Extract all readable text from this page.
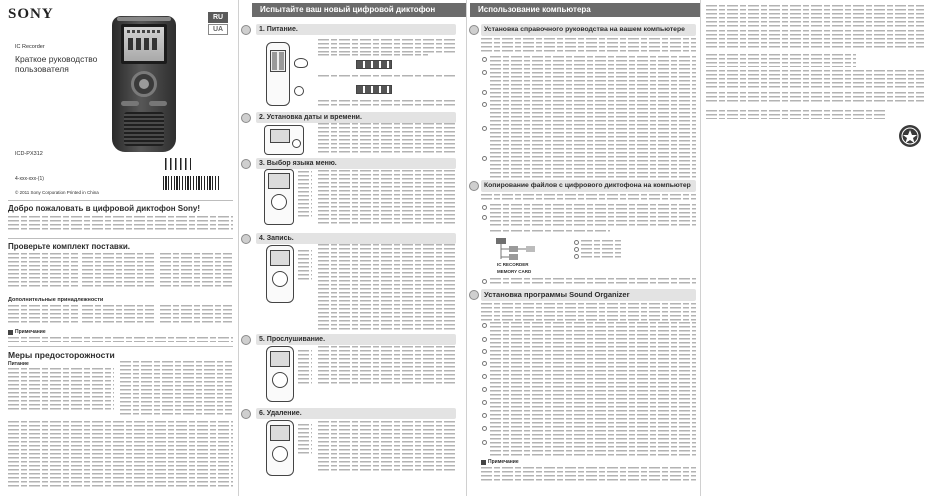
SONY	RU
UA
IC Recorder
Краткое руководство пользователя
ICD-PX312
4-xxx-xxx-(1)
© 2011 Sony Corporation Printed in China
Добро пожаловать в цифровой диктофон Sony!
Проверьте комплект поставки.
Дополнительные принадлежности
Примечание
Меры предосторожности
Питание
Испытайте ваш новый цифровой диктофон
1. Питание.
2. Установка даты и времени.
3. Выбор языка меню.
4. Запись.
5. Прослушивание.
6. Удаление.
Использование компьютера
Установка справочного руководства на вашем компьютере
Копирование файлов с цифрового диктофона на компьютер
IC RECORDER
MEMORY CARD
Установка программы Sound Organizer
Примечание
